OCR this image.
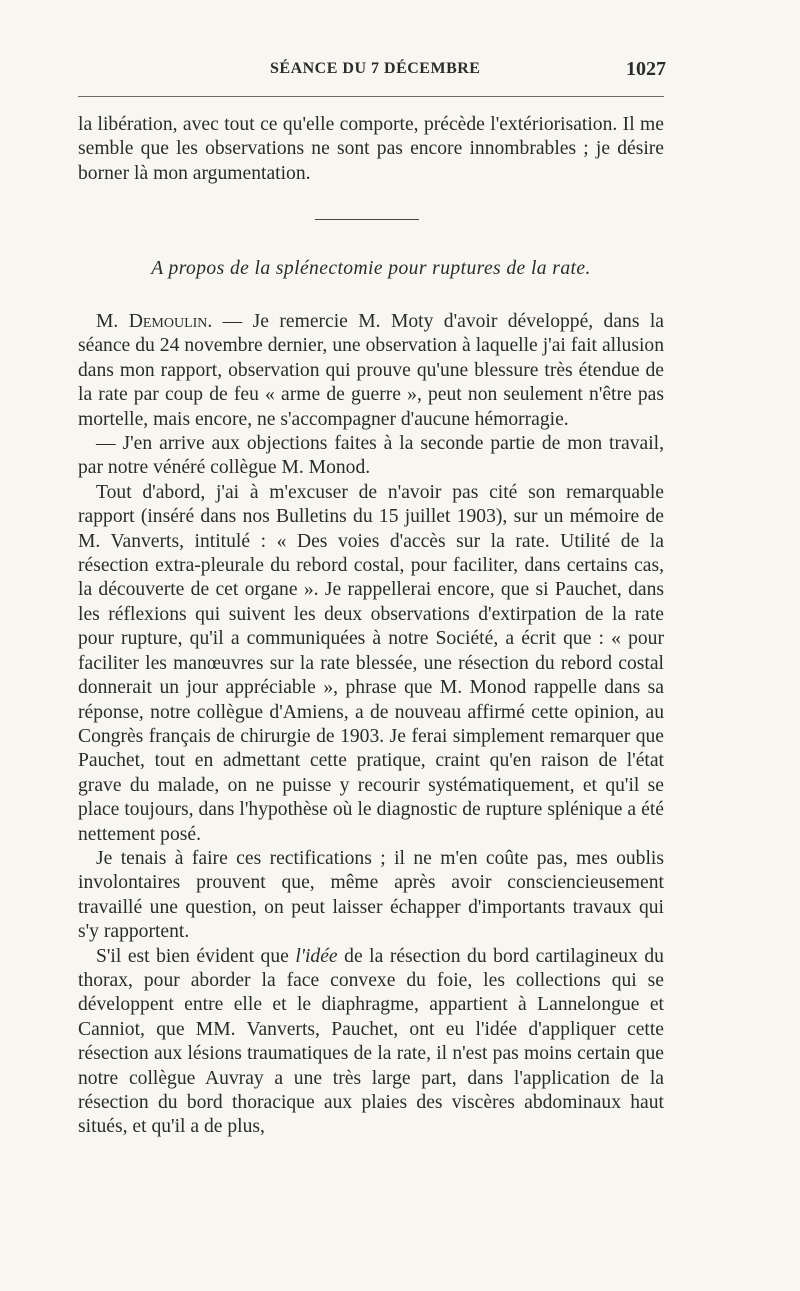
SÉANCE DU 7 DÉCEMBRE	1027

la libération, avec tout ce qu'elle comporte, précède l'extériorisation. Il me semble que les observations ne sont pas encore innombrables ; je désire borner là mon argumentation.

A propos de la splénectomie pour ruptures de la rate.

M. Demoulin. — Je remercie M. Moty d'avoir développé, dans la séance du 24 novembre dernier, une observation à laquelle j'ai fait allusion dans mon rapport, observation qui prouve qu'une blessure très étendue de la rate par coup de feu « arme de guerre », peut non seulement n'être pas mortelle, mais encore, ne s'accompagner d'aucune hémorragie.

— J'en arrive aux objections faites à la seconde partie de mon travail, par notre vénéré collègue M. Monod.

Tout d'abord, j'ai à m'excuser de n'avoir pas cité son remarquable rapport (inséré dans nos Bulletins du 15 juillet 1903), sur un mémoire de M. Vanverts, intitulé : « Des voies d'accès sur la rate. Utilité de la résection extra-pleurale du rebord costal, pour faciliter, dans certains cas, la découverte de cet organe ». Je rappellerai encore, que si Pauchet, dans les réflexions qui suivent les deux observations d'extirpation de la rate pour rupture, qu'il a communiquées à notre Société, a écrit que : « pour faciliter les manœuvres sur la rate blessée, une résection du rebord costal donnerait un jour appréciable », phrase que M. Monod rappelle dans sa réponse, notre collègue d'Amiens, a de nouveau affirmé cette opinion, au Congrès français de chirurgie de 1903. Je ferai simplement remarquer que Pauchet, tout en admettant cette pratique, craint qu'en raison de l'état grave du malade, on ne puisse y recourir systématiquement, et qu'il se place toujours, dans l'hypothèse où le diagnostic de rupture splénique a été nettement posé.

Je tenais à faire ces rectifications ; il ne m'en coûte pas, mes oublis involontaires prouvent que, même après avoir consciencieusement travaillé une question, on peut laisser échapper d'importants travaux qui s'y rapportent.

S'il est bien évident que l'idée de la résection du bord cartilagineux du thorax, pour aborder la face convexe du foie, les collections qui se développent entre elle et le diaphragme, appartient à Lannelongue et Canniot, que MM. Vanverts, Pauchet, ont eu l'idée d'appliquer cette résection aux lésions traumatiques de la rate, il n'est pas moins certain que notre collègue Auvray a une très large part, dans l'application de la résection du bord thoracique aux plaies des viscères abdominaux haut situés, et qu'il a de plus,
